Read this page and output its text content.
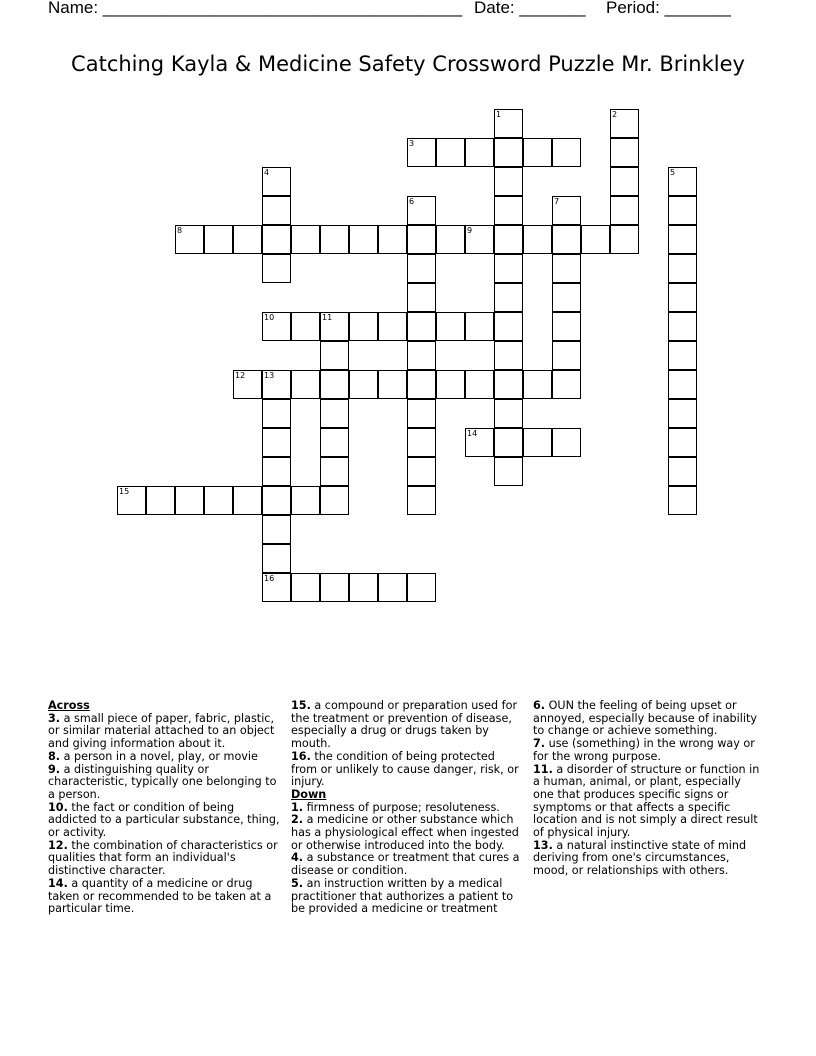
Name: ______________________________________ Date: _______ Period: _______
Catching Kayla & Medicine Safety Crossword Puzzle Mr. Brinkley
1	2
3
4	5
6	7
8	9
10	11
12 13
16
14
15
Across
3. a small piece of paper, fabric, plastic, or similar material attached to an object and giving information about it.
8. a person in a novel, play, or movie
9. a distinguishing quality or characteristic, typically one belonging to a person.
10. the fact or condition of being addicted to a particular substance, thing, or activity.
12. the combination of characteristics or qualities that form an individual's distinctive character.
14. a quantity of a medicine or drug taken or recommended to be taken at a particular time.
15. a compound or preparation used for the treatment or prevention of disease, especially a drug or drugs taken by mouth.
16. the condition of being protected from or unlikely to cause danger, risk, or injury.
Down
1. firmness of purpose; resoluteness.
2. a medicine or other substance which has a physiological effect when ingested or otherwise introduced into the body.
4. a substance or treatment that cures a disease or condition.
5. an instruction written by a medical practitioner that authorizes a patient to be provided a medicine or treatment
6. OUN the feeling of being upset or annoyed, especially because of inability to change or achieve something.
7. use (something) in the wrong way or for the wrong purpose.
11. a disorder of structure or function in a human, animal, or plant, especially one that produces specific signs or symptoms or that affects a specific location and is not simply a direct result of physical injury.
13. a natural instinctive state of mind deriving from one's circumstances, mood, or relationships with others.
